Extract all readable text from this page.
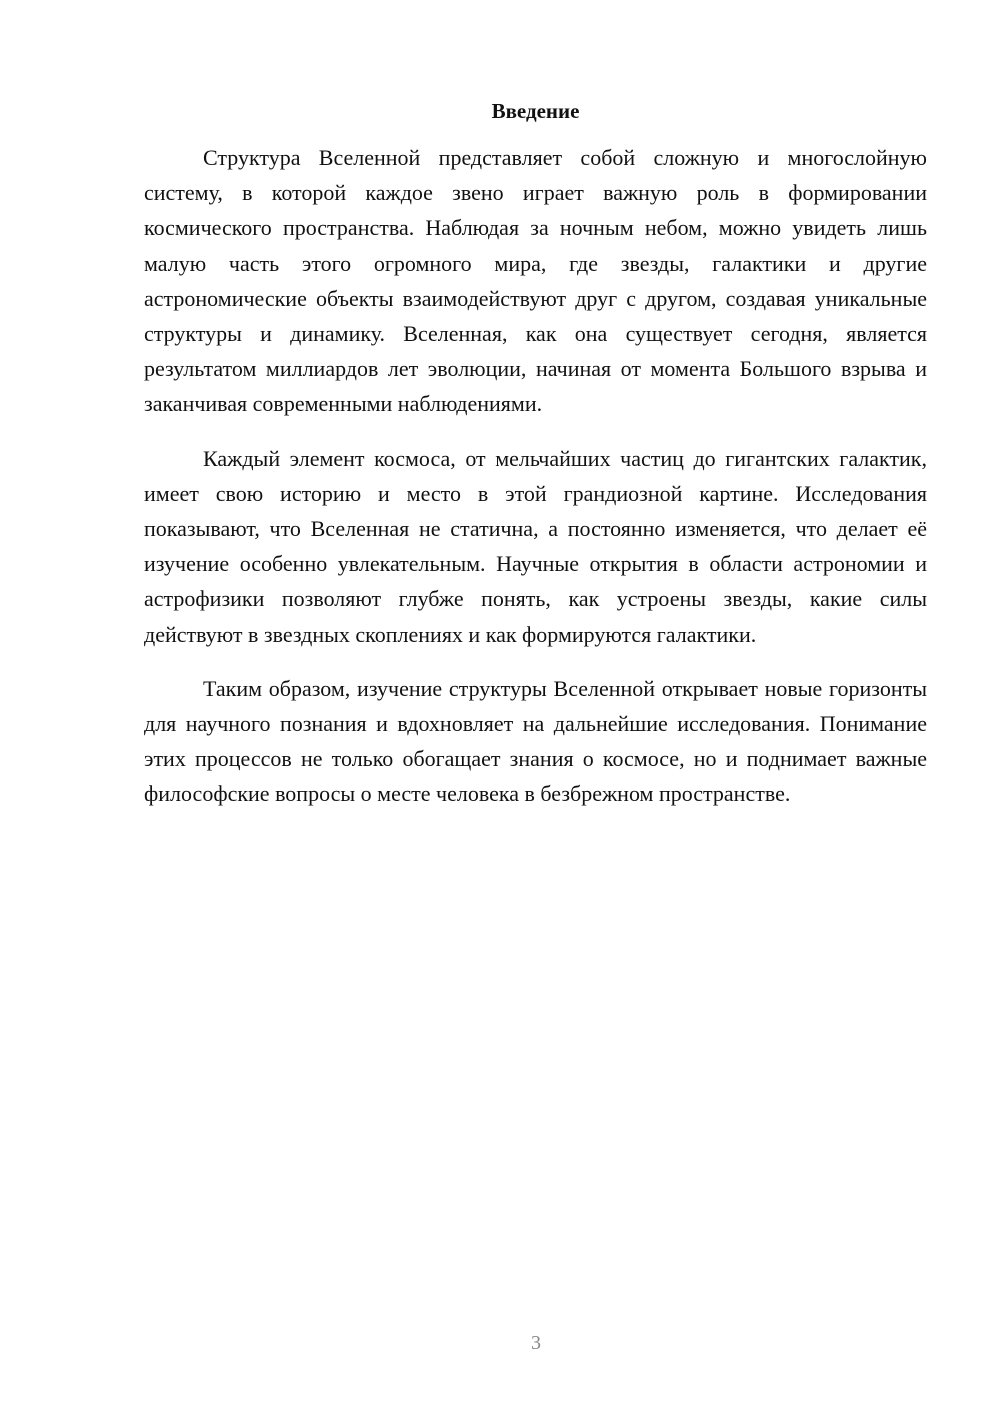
Введение

Структура Вселенной представляет собой сложную и многослойную систему, в которой каждое звено играет важную роль в формировании космического пространства. Наблюдая за ночным небом, можно увидеть лишь малую часть этого огромного мира, где звезды, галактики и другие астрономические объекты взаимодействуют друг с другом, создавая уникальные структуры и динамику. Вселенная, как она существует сегодня, является результатом миллиардов лет эволюции, начиная от момента Большого взрыва и заканчивая современными наблюдениями.

Каждый элемент космоса, от мельчайших частиц до гигантских галактик, имеет свою историю и место в этой грандиозной картине. Исследования показывают, что Вселенная не статична, а постоянно изменяется, что делает её изучение особенно увлекательным. Научные открытия в области астрономии и астрофизики позволяют глубже понять, как устроены звезды, какие силы действуют в звездных скоплениях и как формируются галактики.

Таким образом, изучение структуры Вселенной открывает новые горизонты для научного познания и вдохновляет на дальнейшие исследования. Понимание этих процессов не только обогащает знания о космосе, но и поднимает важные философские вопросы о месте человека в безбрежном пространстве.

3
